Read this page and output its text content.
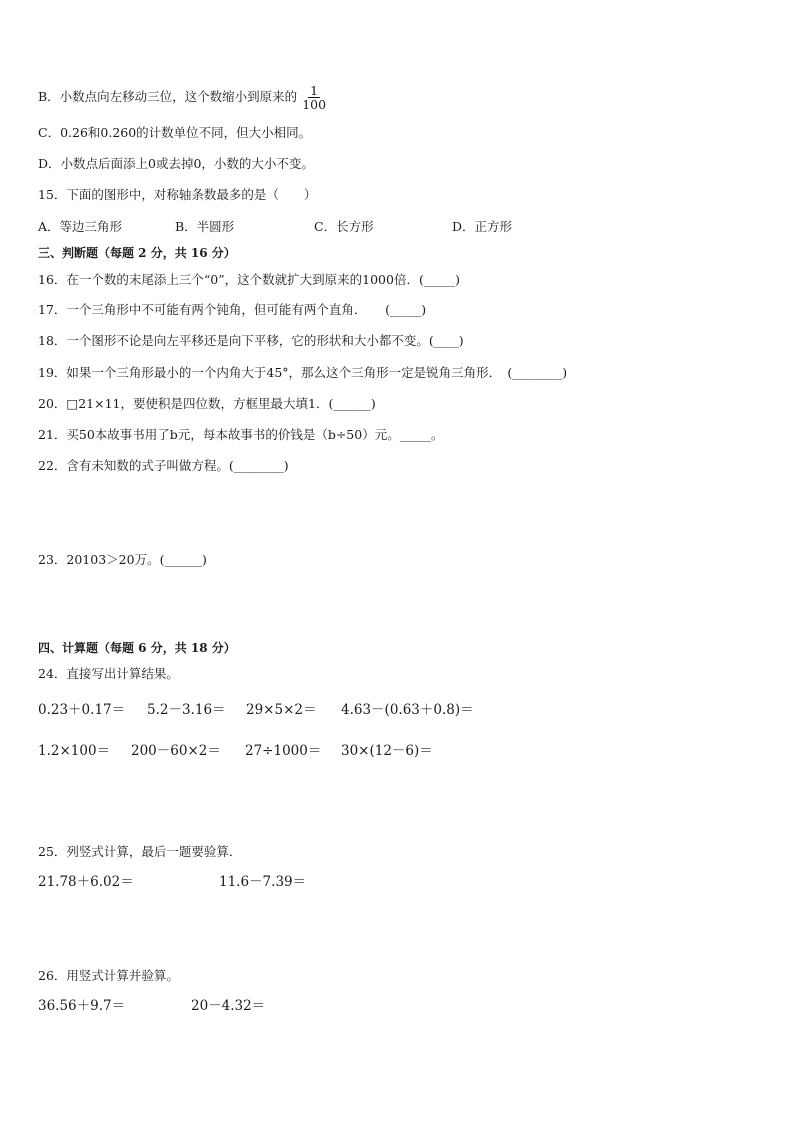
B．小数点向左移动三位，这个数缩小到原来的 $\frac{1}{100}$
C．0.26和0.260的计数单位不同，但大小相同。
D．小数点后面添上0或去掉0，小数的大小不变。
15．下面的图形中，对称轴条数最多的是（　　）
A．等边三角形	B．半圆形	C．长方形	D．正方形
三、判断题（每题 2 分，共 16 分）
16．在一个数的末尾添上三个“0”，这个数就扩大到原来的1000倍．(_____)
17．一个三角形中不可能有两个钝角，但可能有两个直角．　　(_____)
18．一个图形不论是向左平移还是向下平移，它的形状和大小都不变。(____)
19．如果一个三角形最小的一个内角大于45°，那么这个三角形一定是锐角三角形．　(________)
20．□21×11，要使积是四位数，方框里最大填1．(______)
21．买50本故事书用了b元，每本故事书的价钱是（b÷50）元。_____。
22．含有未知数的式子叫做方程。(________)
23．20103＞20万。(______)
四、计算题（每题 6 分，共 18 分）
24．直接写出计算结果。
0.23＋0.17＝ 5.2－3.16＝ 29×5×2＝ 4.63－(0.63＋0.8)＝
1.2×100＝ 200－60×2＝ 27÷1000＝ 30×(12－6)＝
25．列竖式计算，最后一题要验算．
21.78＋6.02＝	11.6－7.39＝
26．用竖式计算并验算。
36.56＋9.7＝	20－4.32＝
